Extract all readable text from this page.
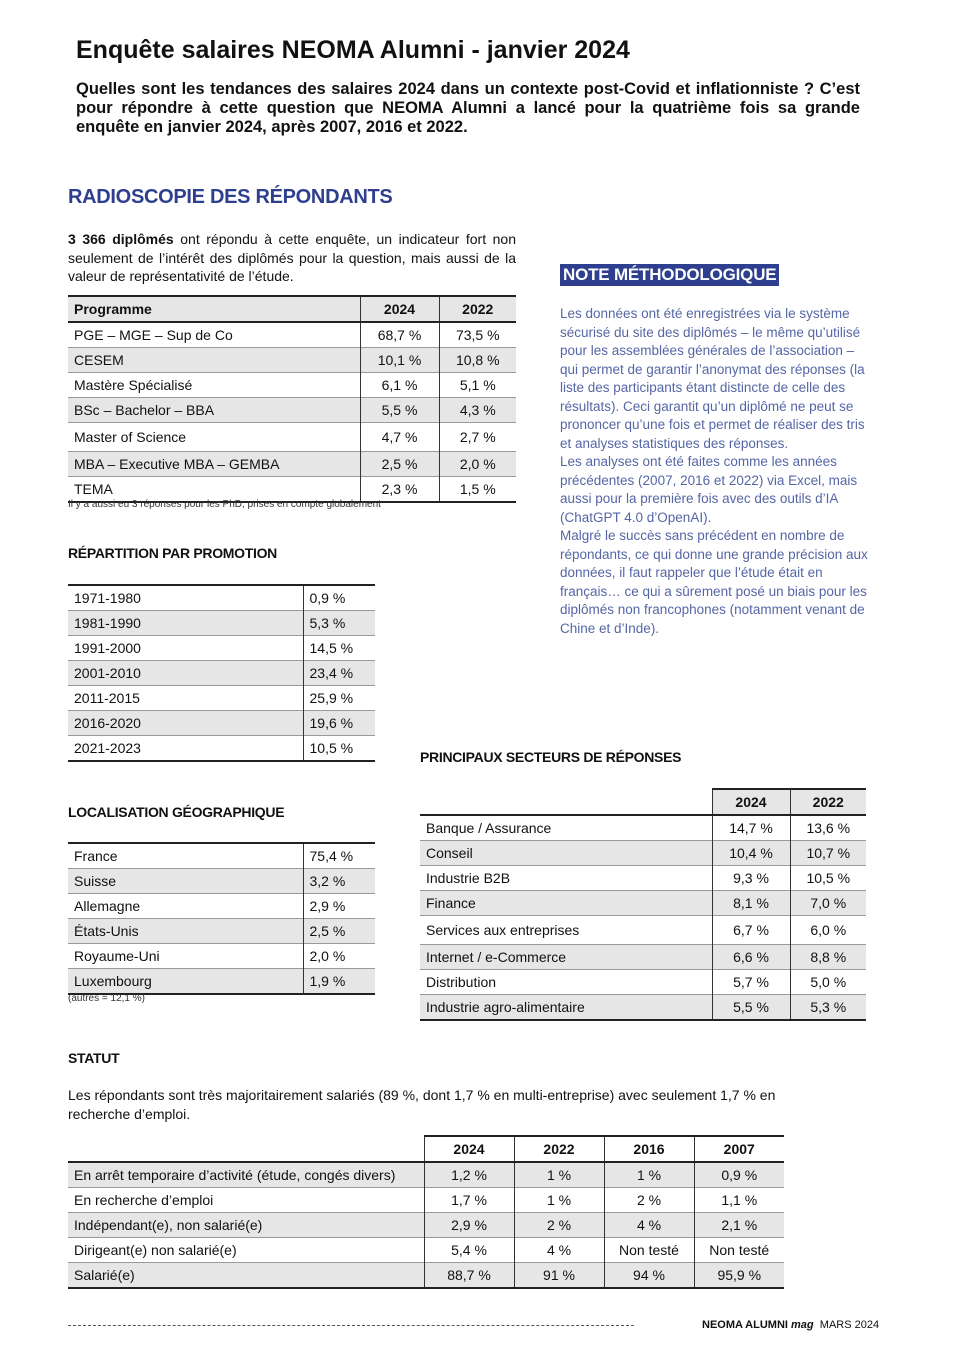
Enquête salaires NEOMA Alumni - janvier 2024
Quelles sont les tendances des salaires 2024 dans un contexte post-Covid et inflationniste ? C’est pour répondre à cette question que NEOMA Alumni a lancé pour la quatrième fois sa grande enquête en janvier 2024, après 2007, 2016 et 2022.
RADIOSCOPIE DES RÉPONDANTS
3 366 diplômés ont répondu à cette enquête, un indicateur fort non seulement de l’intérêt des diplômés pour la question, mais aussi de la valeur de représentativité de l’étude.
Programme	2024	2022
PGE – MGE – Sup de Co	68,7 %	73,5 %
CESEM	10,1 %	10,8 %
Mastère Spécialisé	6,1 %	5,1 %
BSc – Bachelor – BBA	5,5 %	4,3 %
Master of Science	4,7 %	2,7 %
MBA – Executive MBA – GEMBA	2,5 %	2,0 %
TEMA	2,3 %	1,5 %
Il y a aussi eu 3 réponses pour les PhD, prises en compte globalement
RÉPARTITION PAR PROMOTION
1971-1980	0,9 %
1981-1990	5,3 %
1991-2000	14,5 %
2001-2010	23,4 %
2011-2015	25,9 %
2016-2020	19,6 %
2021-2023	10,5 %
NOTE MÉTHODOLOGIQUE

Les données ont été enregistrées via le système sécurisé du site des diplômés – le même qu’utilisé pour les assemblées générales de l’association – qui permet de garantir l’anonymat des réponses (la liste des participants étant distincte de celle des résultats). Ceci garantit qu’un diplômé ne peut se prononcer qu’une fois et permet de réaliser des tris et analyses statistiques des réponses.

Les analyses ont été faites comme les années précédentes (2007, 2016 et 2022) via Excel, mais aussi pour la première fois avec des outils d’IA (ChatGPT 4.0 d’OpenAI).

Malgré le succès sans précédent en nombre de répondants, ce qui donne une grande précision aux données, il faut rappeler que l’étude était en français… ce qui a sûrement posé un biais pour les diplômés non francophones (notamment venant de Chine et d’Inde).

PRINCIPAUX SECTEURS DE RÉPONSES
	2024	2022
Banque / Assurance	14,7 %	13,6 %
Conseil	10,4 %	10,7 %
Industrie B2B	9,3 %	10,5 %
Finance	8,1 %	7,0 %
Services aux entreprises	6,7 %	6,0 %
Internet / e-Commerce	6,6 %	8,8 %
Distribution	5,7 %	5,0 %
Industrie agro-alimentaire	5,5 %	5,3 %
LOCALISATION GÉOGRAPHIQUE
France	75,4 %
Suisse	3,2 %
Allemagne	2,9 %
États-Unis	2,5 %
Royaume-Uni	2,0 %
Luxembourg	1,9 %
(autres = 12,1 %)
STATUT
Les répondants sont très majoritairement salariés (89 %, dont 1,7 % en multi-entreprise) avec seulement 1,7 % en recherche d’emploi.
	2024	2022	2016	2007
En arrêt temporaire d’activité (étude, congés divers)	1,2 %	1 %	1 %	0,9 %
En recherche d’emploi	1,7 %	1 %	2 %	1,1 %
Indépendant(e), non salarié(e)	2,9 %	2 %	4 %	2,1 %
Dirigeant(e) non salarié(e)	5,4 %	4 %	Non testé	Non testé
Salarié(e)	88,7 %	91 %	94 %	95,9 %
NEOMA ALUMNI mag MARS 2024
